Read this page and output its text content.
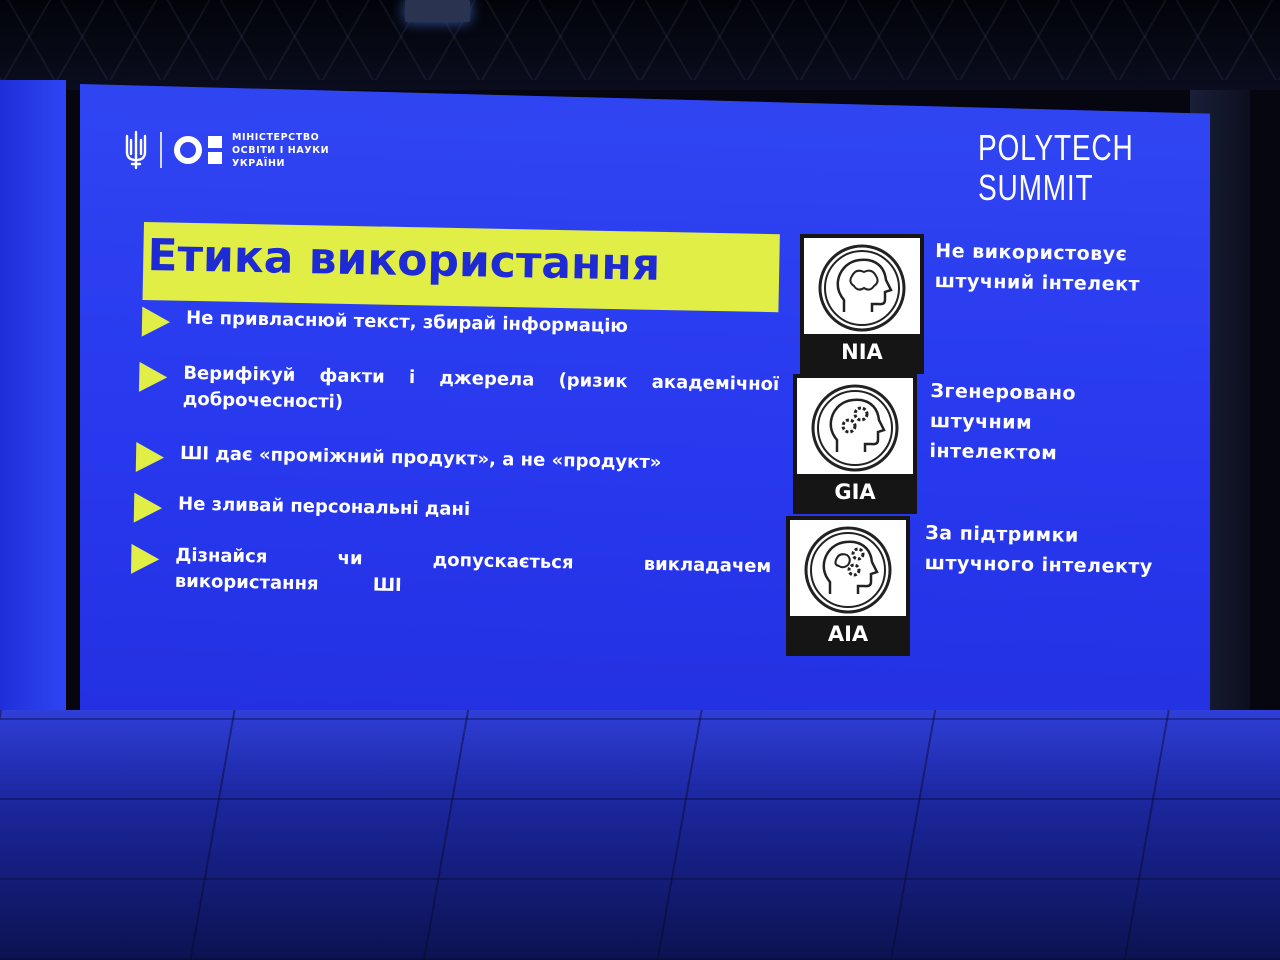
МІНІСТЕРСТВО ОСВІТИ І НАУКИ УКРАЇНИ	POLYTECH
SUMMIT
Етика використання
Не привласнюй текст, збирай інформацію
Верифікуй факти і джерела (ризик академічної доброчесності)
ШІ дає «проміжний продукт», а не «продукт»
Не зливай персональні дані
Дізнайся чи допускається викладачем використання ШІ
NIA
GIA
AIA
Не використовує штучний інтелект
Згенеровано штучним інтелектом
За підтримки штучного інтелекту
